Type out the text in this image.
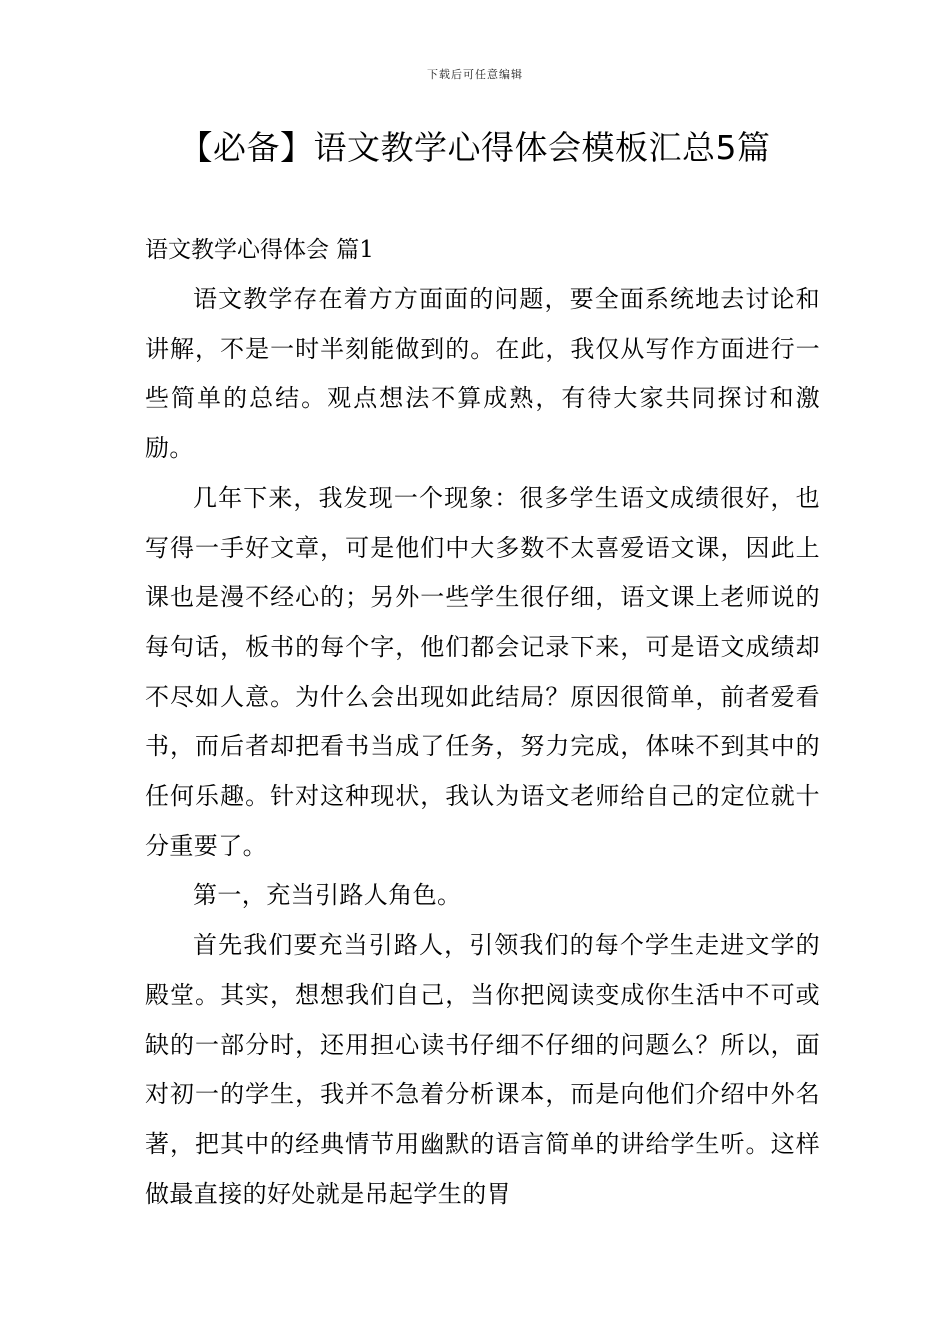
下载后可任意编辑
【必备】语文教学心得体会模板汇总5篇

语文教学心得体会 篇1

语文教学存在着方方面面的问题，要全面系统地去讨论和讲解，不是一时半刻能做到的。在此，我仅从写作方面进行一些简单的总结。观点想法不算成熟，有待大家共同探讨和激励。

几年下来，我发现一个现象：很多学生语文成绩很好，也写得一手好文章，可是他们中大多数不太喜爱语文课，因此上课也是漫不经心的；另外一些学生很仔细，语文课上老师说的每句话，板书的每个字，他们都会记录下来，可是语文成绩却不尽如人意。为什么会出现如此结局？原因很简单，前者爱看书，而后者却把看书当成了任务，努力完成，体味不到其中的任何乐趣。针对这种现状，我认为语文老师给自己的定位就十分重要了。

第一，充当引路人角色。

首先我们要充当引路人，引领我们的每个学生走进文学的殿堂。其实，想想我们自己，当你把阅读变成你生活中不可或缺的一部分时，还用担心读书仔细不仔细的问题么？所以，面对初一的学生，我并不急着分析课本，而是向他们介绍中外名著，把其中的经典情节用幽默的语言简单的讲给学生听。这样做最直接的好处就是吊起学生的胃
